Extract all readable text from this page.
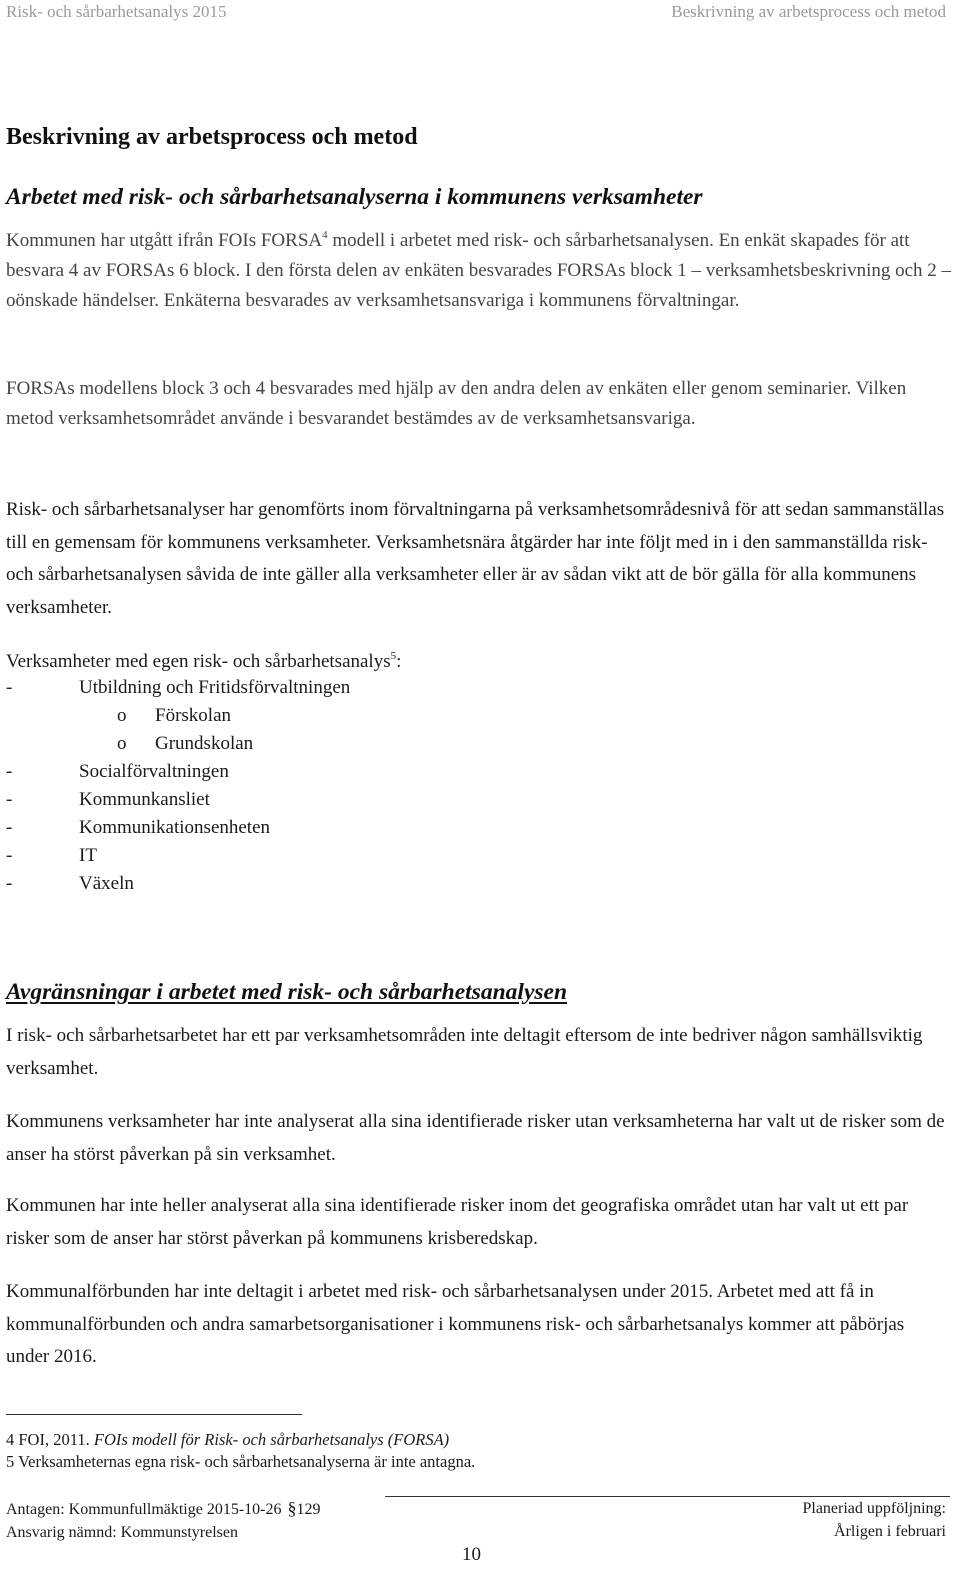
Risk- och sårbarhetsanalys 2015	Beskrivning av arbetsprocess och metod
Beskrivning av arbetsprocess och metod
Arbetet med risk- och sårbarhetsanalyserna i kommunens verksamheter

Kommunen har utgått ifrån FOIs FORSA$^4$ modell i arbetet med risk- och sårbarhetsanalysen. En enkät skapades för att besvara 4 av FORSAs 6 block. I den första delen av enkäten besvarades FORSAs block 1 – verksamhetsbeskrivning och 2 – oönskade händelser. Enkäterna besvarades av verksamhetsansvariga i kommunens förvaltningar.

FORSAs modellens block 3 och 4 besvarades med hjälp av den andra delen av enkäten eller genom seminarier. Vilken metod verksamhetsområdet använde i besvarandet bestämdes av de verksamhetsansvariga.

Risk- och sårbarhetsanalyser har genomförts inom förvaltningarna på verksamhetsområdesnivå för att sedan sammanställas till en gemensam för kommunens verksamheter. Verksamhetsnära åtgärder har inte följt med in i den sammanställda risk- och sårbarhetsanalysen såvida de inte gäller alla verksamheter eller är av sådan vikt att de bör gälla för alla kommunens verksamheter.

Verksamheter med egen risk- och sårbarhetsanalys$^5$:

-	Utbildning och Fritidsförvaltningen
o Förskolan
o Grundskolan
-	Socialförvaltningen
-	Kommunkansliet
-	Kommunikationsenheten
-	IT
-	Växeln
Avgränsningar i arbetet med risk- och sårbarhetsanalysen

I risk- och sårbarhetsarbetet har ett par verksamhetsområden inte deltagit eftersom de inte bedriver någon samhällsviktig verksamhet.

Kommunens verksamheter har inte analyserat alla sina identifierade risker utan verksamheterna har valt ut de risker som de anser ha störst påverkan på sin verksamhet.

Kommunen har inte heller analyserat alla sina identifierade risker inom det geografiska området utan har valt ut ett par risker som de anser har störst påverkan på kommunens krisberedskap.

Kommunalförbunden har inte deltagit i arbetet med risk- och sårbarhetsanalysen under 2015. Arbetet med att få in kommunalförbunden och andra samarbetsorganisationer i kommunens risk- och sårbarhetsanalys kommer att påbörjas under 2016.

4 FOI, 2011. FOIs modell för Risk- och sårbarhetsanalys (FORSA)
5 Verksamheternas egna risk- och sårbarhetsanalyserna är inte antagna.
Antagen: Kommunfullmäktige 2015-10-26 §129
Ansvarig nämnd: Kommunstyrelsen
Planeriad uppföljning:
Årligen i februari
10
